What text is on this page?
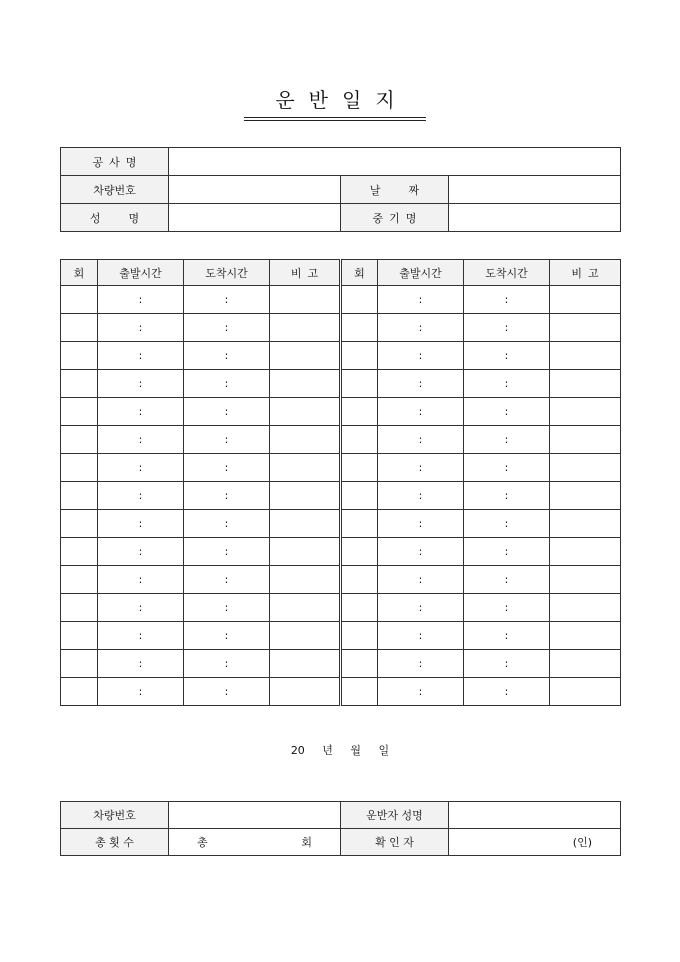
운반일지
공사명			
차량번호		날짜	
성명		중기명	
회	출발시간	도착시간	비고	회	출발시간	도착시간	비고
	:	:			:	:	
	:	:			:	:	
	:	:			:	:	
	:	:			:	:	
	:	:			:	:	
	:	:			:	:	
	:	:			:	:	
	:	:			:	:	
	:	:			:	:	
	:	:			:	:	
	:	:			:	:	
	:	:			:	:	
	:	:			:	:	
	:	:			:	:	
	:	:			:	:	
20 년 월 일
차량번호		운반자 성명	
총 횟 수	총 회	확 인 자	(인)
